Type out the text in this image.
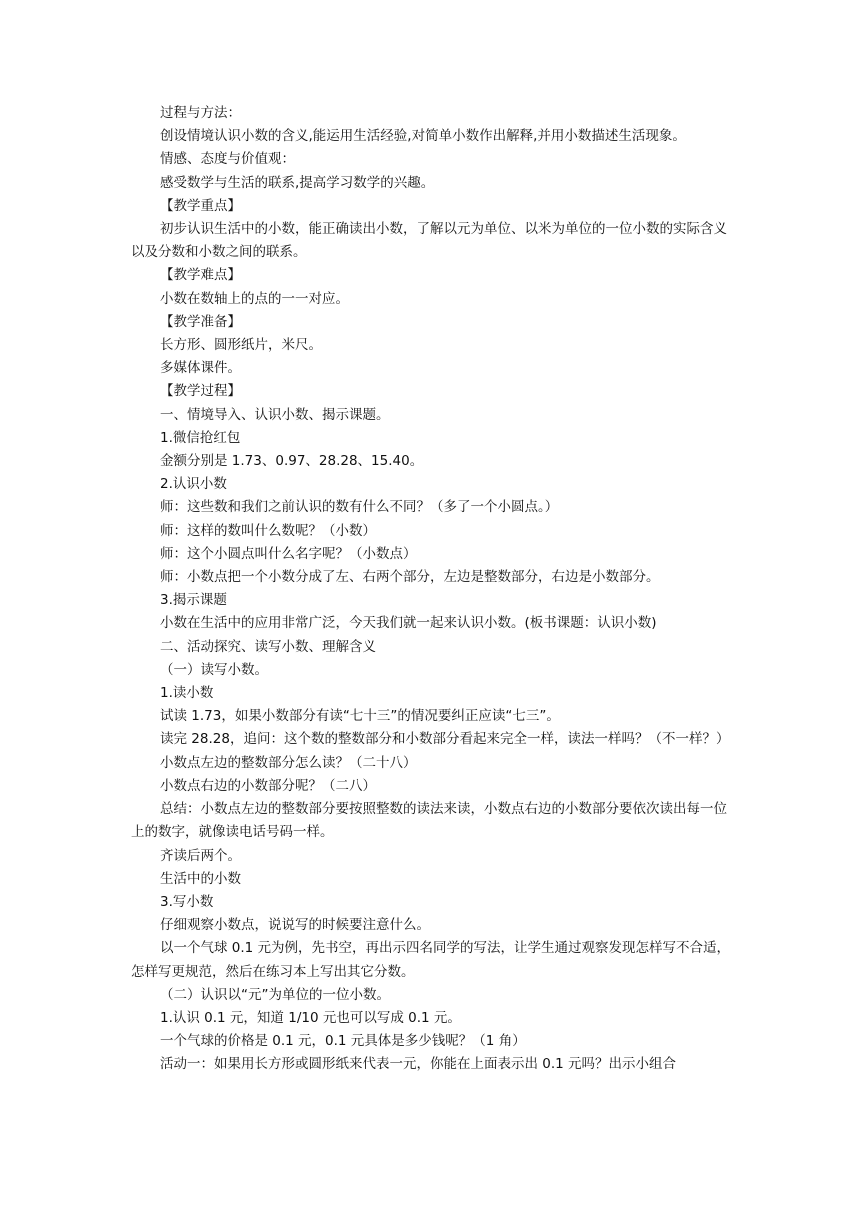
过程与方法：

创设情境认识小数的含义,能运用生活经验,对简单小数作出解释,并用小数描述生活现象。

情感、态度与价值观：

感受数学与生活的联系,提高学习数学的兴趣。

【教学重点】

初步认识生活中的小数，能正确读出小数，了解以元为单位、以米为单位的一位小数的实际含义以及分数和小数之间的联系。

【教学难点】

小数在数轴上的点的一一对应。

【教学准备】

长方形、圆形纸片，米尺。

多媒体课件。

【教学过程】

一、情境导入、认识小数、揭示课题。

1.微信抢红包

金额分别是 1.73、0.97、28.28、15.40。

2.认识小数

师：这些数和我们之前认识的数有什么不同？（多了一个小圆点。）

师：这样的数叫什么数呢？（小数）

师：这个小圆点叫什么名字呢？（小数点）

师：小数点把一个小数分成了左、右两个部分，左边是整数部分，右边是小数部分。

3.揭示课题

小数在生活中的应用非常广泛，今天我们就一起来认识小数。(板书课题：认识小数)

二、活动探究、读写小数、理解含义

（一）读写小数。

1.读小数

试读 1.73，如果小数部分有读“七十三”的情况要纠正应读“七三”。

读完 28.28，追问：这个数的整数部分和小数部分看起来完全一样，读法一样吗？（不一样？）

小数点左边的整数部分怎么读？（二十八）

小数点右边的小数部分呢？（二八）

总结：小数点左边的整数部分要按照整数的读法来读，小数点右边的小数部分要依次读出每一位上的数字，就像读电话号码一样。

齐读后两个。

生活中的小数

3.写小数

仔细观察小数点，说说写的时候要注意什么。

以一个气球 0.1 元为例，先书空，再出示四名同学的写法，让学生通过观察发现怎样写不合适，怎样写更规范，然后在练习本上写出其它分数。

（二）认识以“元”为单位的一位小数。

1.认识 0.1 元，知道 1/10 元也可以写成 0.1 元。

一个气球的价格是 0.1 元，0.1 元具体是多少钱呢？（1 角）

活动一：如果用长方形或圆形纸来代表一元，你能在上面表示出 0.1 元吗？出示小组合
